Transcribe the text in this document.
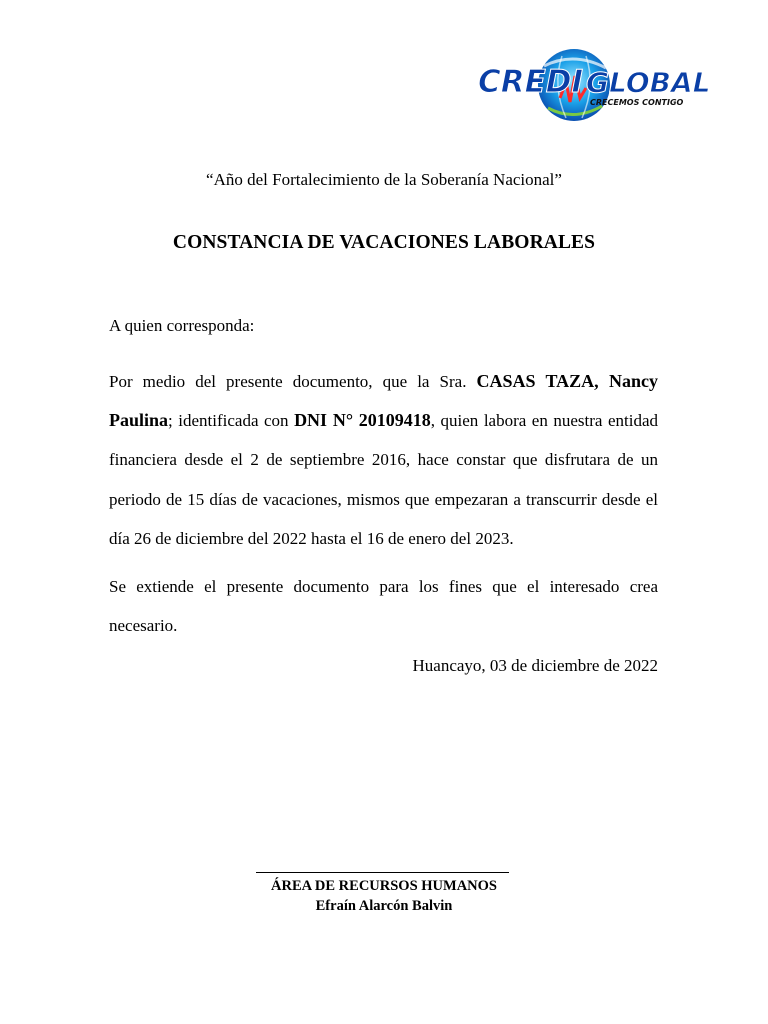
CREDI GLOBAL
CRECEMOS CONTIGO
“Año del Fortalecimiento de la Soberanía Nacional”
CONSTANCIA DE VACACIONES LABORALES

A quien corresponda:

Por medio del presente documento, que la Sra. CASAS TAZA, Nancy Paulina; identificada con DNI N° 20109418, quien labora en nuestra entidad financiera desde el 2 de septiembre 2016, hace constar que disfrutara de un periodo de 15 días de vacaciones, mismos que empezaran a transcurrir desde el día 26 de diciembre del 2022 hasta el 16 de enero del 2023.

Se extiende el presente documento para los fines que el interesado crea necesario.

Huancayo, 03 de diciembre de 2022
ÁREA DE RECURSOS HUMANOS
Efraín Alarcón Balvin
